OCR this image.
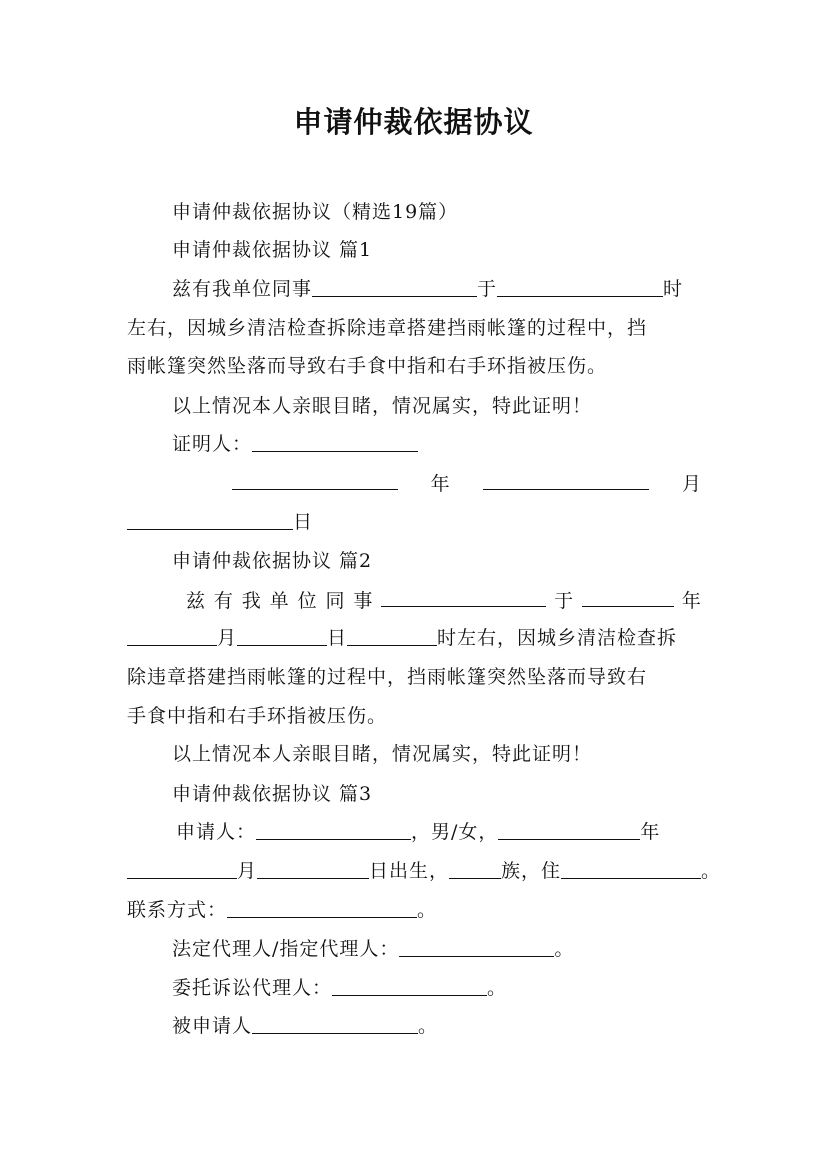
申请仲裁依据协议
申请仲裁依据协议（精选19篇）
申请仲裁依据协议 篇1
兹有我单位同事	于	时
左右，因城乡清洁检查拆除违章搭建挡雨帐篷的过程中，挡
雨帐篷突然坠落而导致右手食中指和右手环指被压伤。
以上情况本人亲眼目睹，情况属实，特此证明！
证明人：
年	月
日
申请仲裁依据协议 篇2
兹 有 我 单 位 同 事	于	年
月	日	时左右，因城乡清洁检查拆
除违章搭建挡雨帐篷的过程中，挡雨帐篷突然坠落而导致右
手食中指和右手环指被压伤。
以上情况本人亲眼目睹，情况属实，特此证明！
申请仲裁依据协议 篇3
申请人：	，男/女，	年
月	日出生，	族，住	。
联系方式：	。
法定代理人/指定代理人：	。
委托诉讼代理人：	。
被申请人	。
